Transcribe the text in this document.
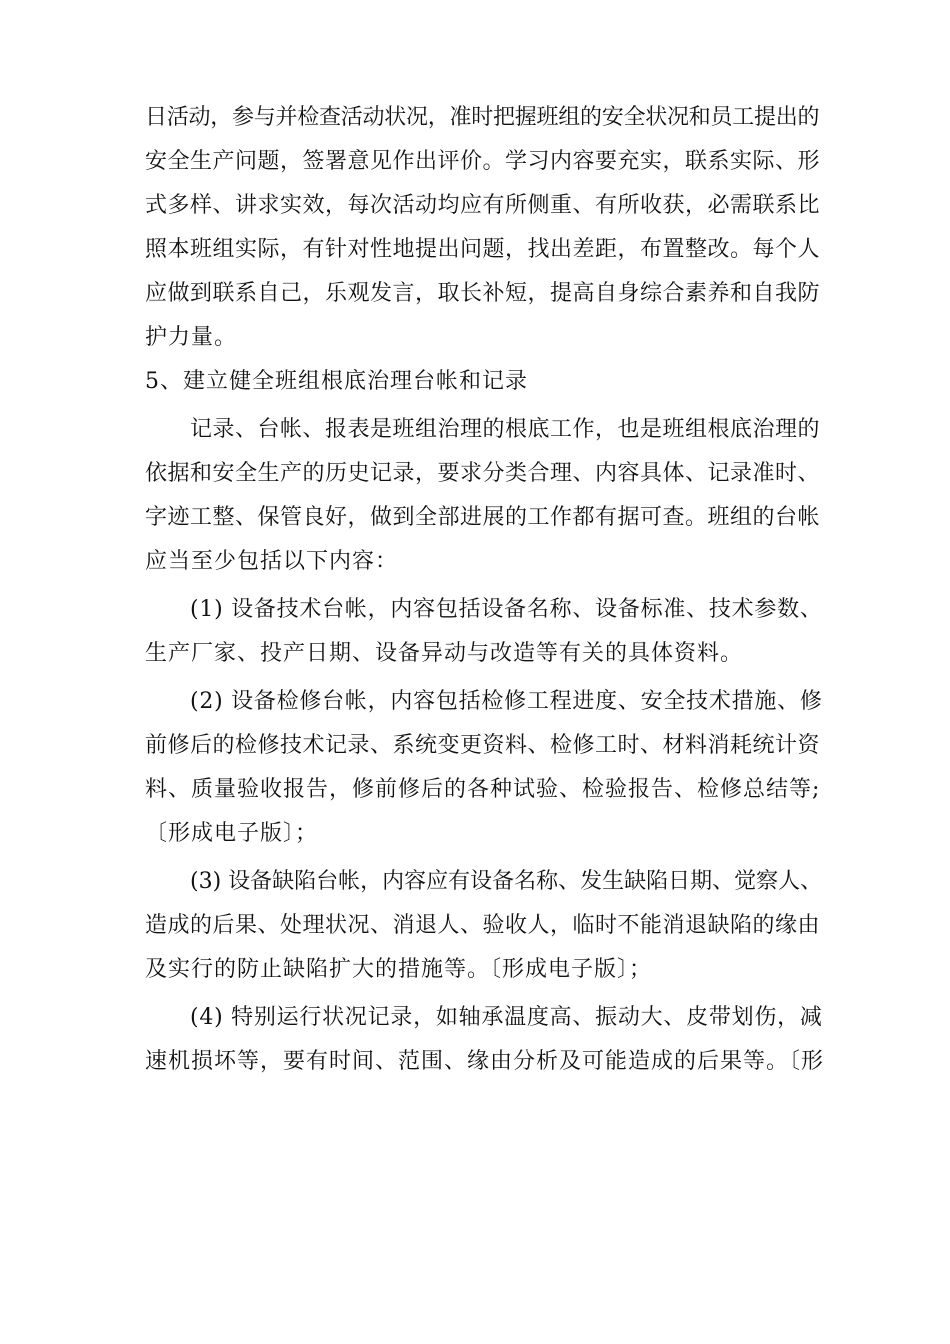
日活动，参与并检查活动状况，准时把握班组的安全状况和员工提出的
安全生产问题，签署意见作出评价。学习内容要充实，联系实际、形
式多样、讲求实效，每次活动均应有所侧重、有所收获，必需联系比
照本班组实际，有针对性地提出问题，找出差距，布置整改。每个人
应做到联系自己，乐观发言，取长补短，提高自身综合素养和自我防
护力量。
5、建立健全班组根底治理台帐和记录
记录、台帐、报表是班组治理的根底工作，也是班组根底治理的
依据和安全生产的历史记录，要求分类合理、内容具体、记录准时、
字迹工整、保管良好，做到全部进展的工作都有据可查。班组的台帐
应当至少包括以下内容：
(1) 设备技术台帐，内容包括设备名称、设备标准、技术参数、
生产厂家、投产日期、设备异动与改造等有关的具体资料。
(2) 设备检修台帐，内容包括检修工程进度、安全技术措施、修
前修后的检修技术记录、系统变更资料、检修工时、材料消耗统计资
料、质量验收报告，修前修后的各种试验、检验报告、检修总结等;
〔形成电子版〕；
(3) 设备缺陷台帐，内容应有设备名称、发生缺陷日期、觉察人、
造成的后果、处理状况、消退人、验收人，临时不能消退缺陷的缘由
及实行的防止缺陷扩大的措施等。〔形成电子版〕；
(4) 特别运行状况记录，如轴承温度高、振动大、皮带划伤，减
速机损坏等，要有时间、范围、缘由分析及可能造成的后果等。〔形
